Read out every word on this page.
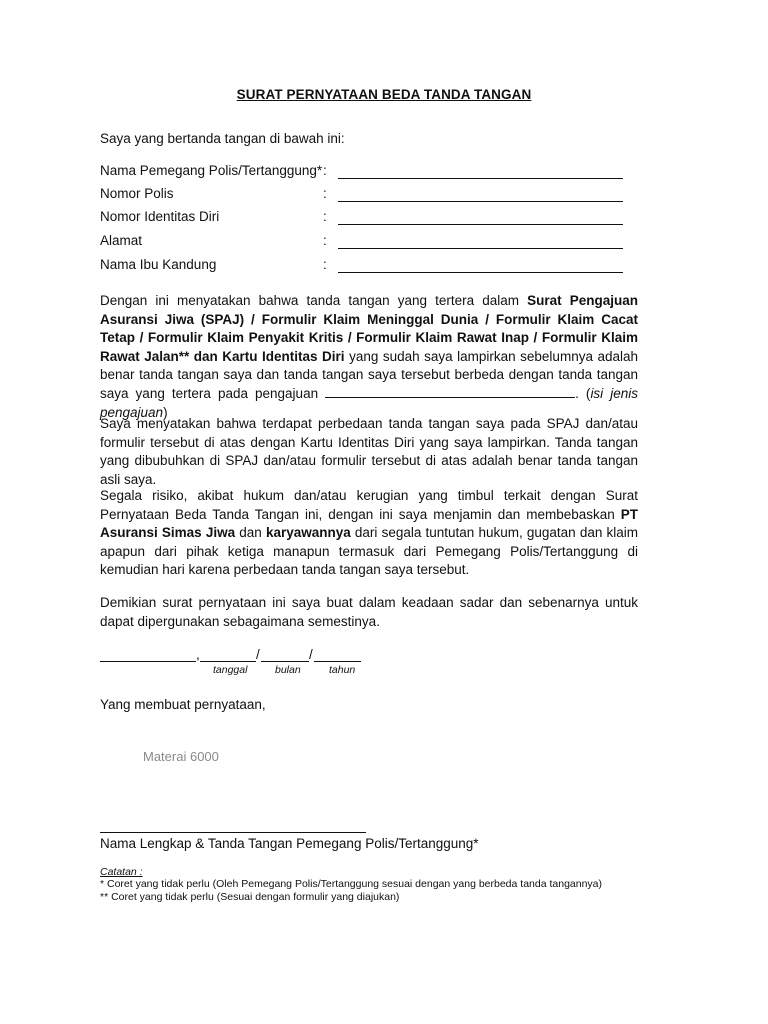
SURAT PERNYATAAN BEDA TANDA TANGAN
Saya yang bertanda tangan di bawah ini:
Nama Pemegang Polis/Tertanggung* :
Nomor Polis	:
Nomor Identitas Diri	:
Alamat	:
Nama Ibu Kandung	:
Dengan ini menyatakan bahwa tanda tangan yang tertera dalam Surat Pengajuan Asuransi Jiwa (SPAJ) / Formulir Klaim Meninggal Dunia / Formulir Klaim Cacat Tetap / Formulir Klaim Penyakit Kritis / Formulir Klaim Rawat Inap / Formulir Klaim Rawat Jalan** dan Kartu Identitas Diri yang sudah saya lampirkan sebelumnya adalah benar tanda tangan saya dan tanda tangan saya tersebut berbeda dengan tanda tangan saya yang tertera pada pengajuan	. (isi jenis pengajuan)
Saya menyatakan bahwa terdapat perbedaan tanda tangan saya pada SPAJ dan/atau formulir tersebut di atas dengan Kartu Identitas Diri yang saya lampirkan. Tanda tangan yang dibubuhkan di SPAJ dan/atau formulir tersebut di atas adalah benar tanda tangan asli saya.
Segala risiko, akibat hukum dan/atau kerugian yang timbul terkait dengan Surat Pernyataan Beda Tanda Tangan ini, dengan ini saya menjamin dan membebaskan PT Asuransi Simas Jiwa dan karyawannya dari segala tuntutan hukum, gugatan dan klaim apapun dari pihak ketiga manapun termasuk dari Pemegang Polis/Tertanggung di kemudian hari karena perbedaan tanda tangan saya tersebut.
Demikian surat pernyataan ini saya buat dalam keadaan sadar dan sebenarnya untuk dapat dipergunakan sebagaimana semestinya.
,	/	/
tanggal	bulan	tahun
Yang membuat pernyataan,
Materai 6000
Nama Lengkap & Tanda Tangan Pemegang Polis/Tertanggung*
Catatan :
* Coret yang tidak perlu (Oleh Pemegang Polis/Tertanggung sesuai dengan yang berbeda tanda tangannya)
** Coret yang tidak perlu (Sesuai dengan formulir yang diajukan)
